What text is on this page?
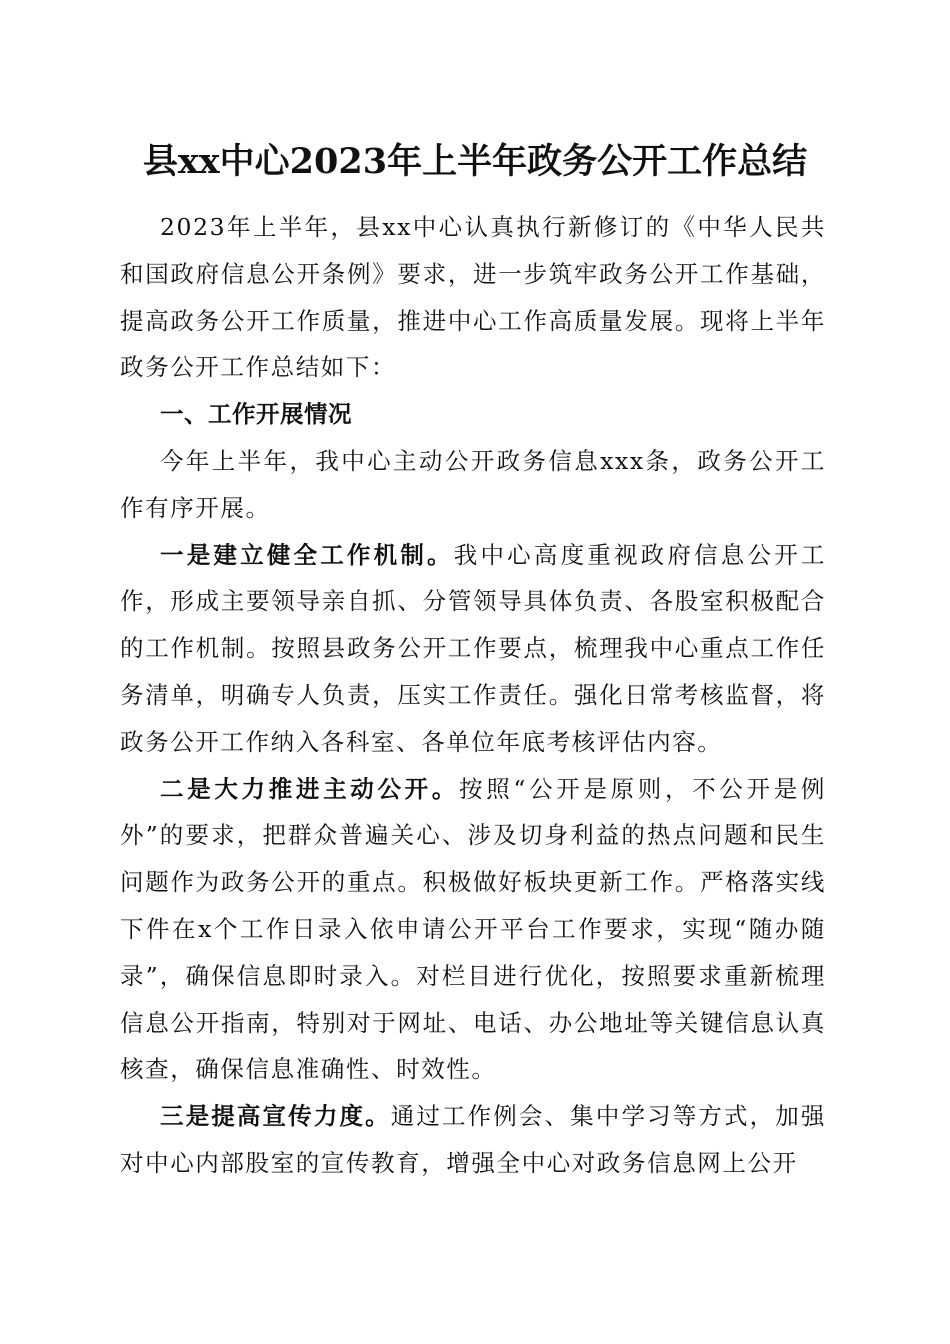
县xx中心2023年上半年政务公开工作总结

2023年上半年，县xx中心认真执行新修订的《中华人民共和国政府信息公开条例》要求，进一步筑牢政务公开工作基础，提高政务公开工作质量，推进中心工作高质量发展。现将上半年政务公开工作总结如下：

一、工作开展情况

今年上半年，我中心主动公开政务信息xxx条，政务公开工作有序开展。

一是建立健全工作机制。我中心高度重视政府信息公开工作，形成主要领导亲自抓、分管领导具体负责、各股室积极配合的工作机制。按照县政务公开工作要点，梳理我中心重点工作任务清单，明确专人负责，压实工作责任。强化日常考核监督，将政务公开工作纳入各科室、各单位年底考核评估内容。

二是大力推进主动公开。按照“公开是原则，不公开是例外”的要求，把群众普遍关心、涉及切身利益的热点问题和民生问题作为政务公开的重点。积极做好板块更新工作。严格落实线下件在x个工作日录入依申请公开平台工作要求，实现“随办随录”，确保信息即时录入。对栏目进行优化，按照要求重新梳理信息公开指南，特别对于网址、电话、办公地址等关键信息认真核查，确保信息准确性、时效性。

三是提高宣传力度。通过工作例会、集中学习等方式，加强对中心内部股室的宣传教育，增强全中心对政务信息网上公开
